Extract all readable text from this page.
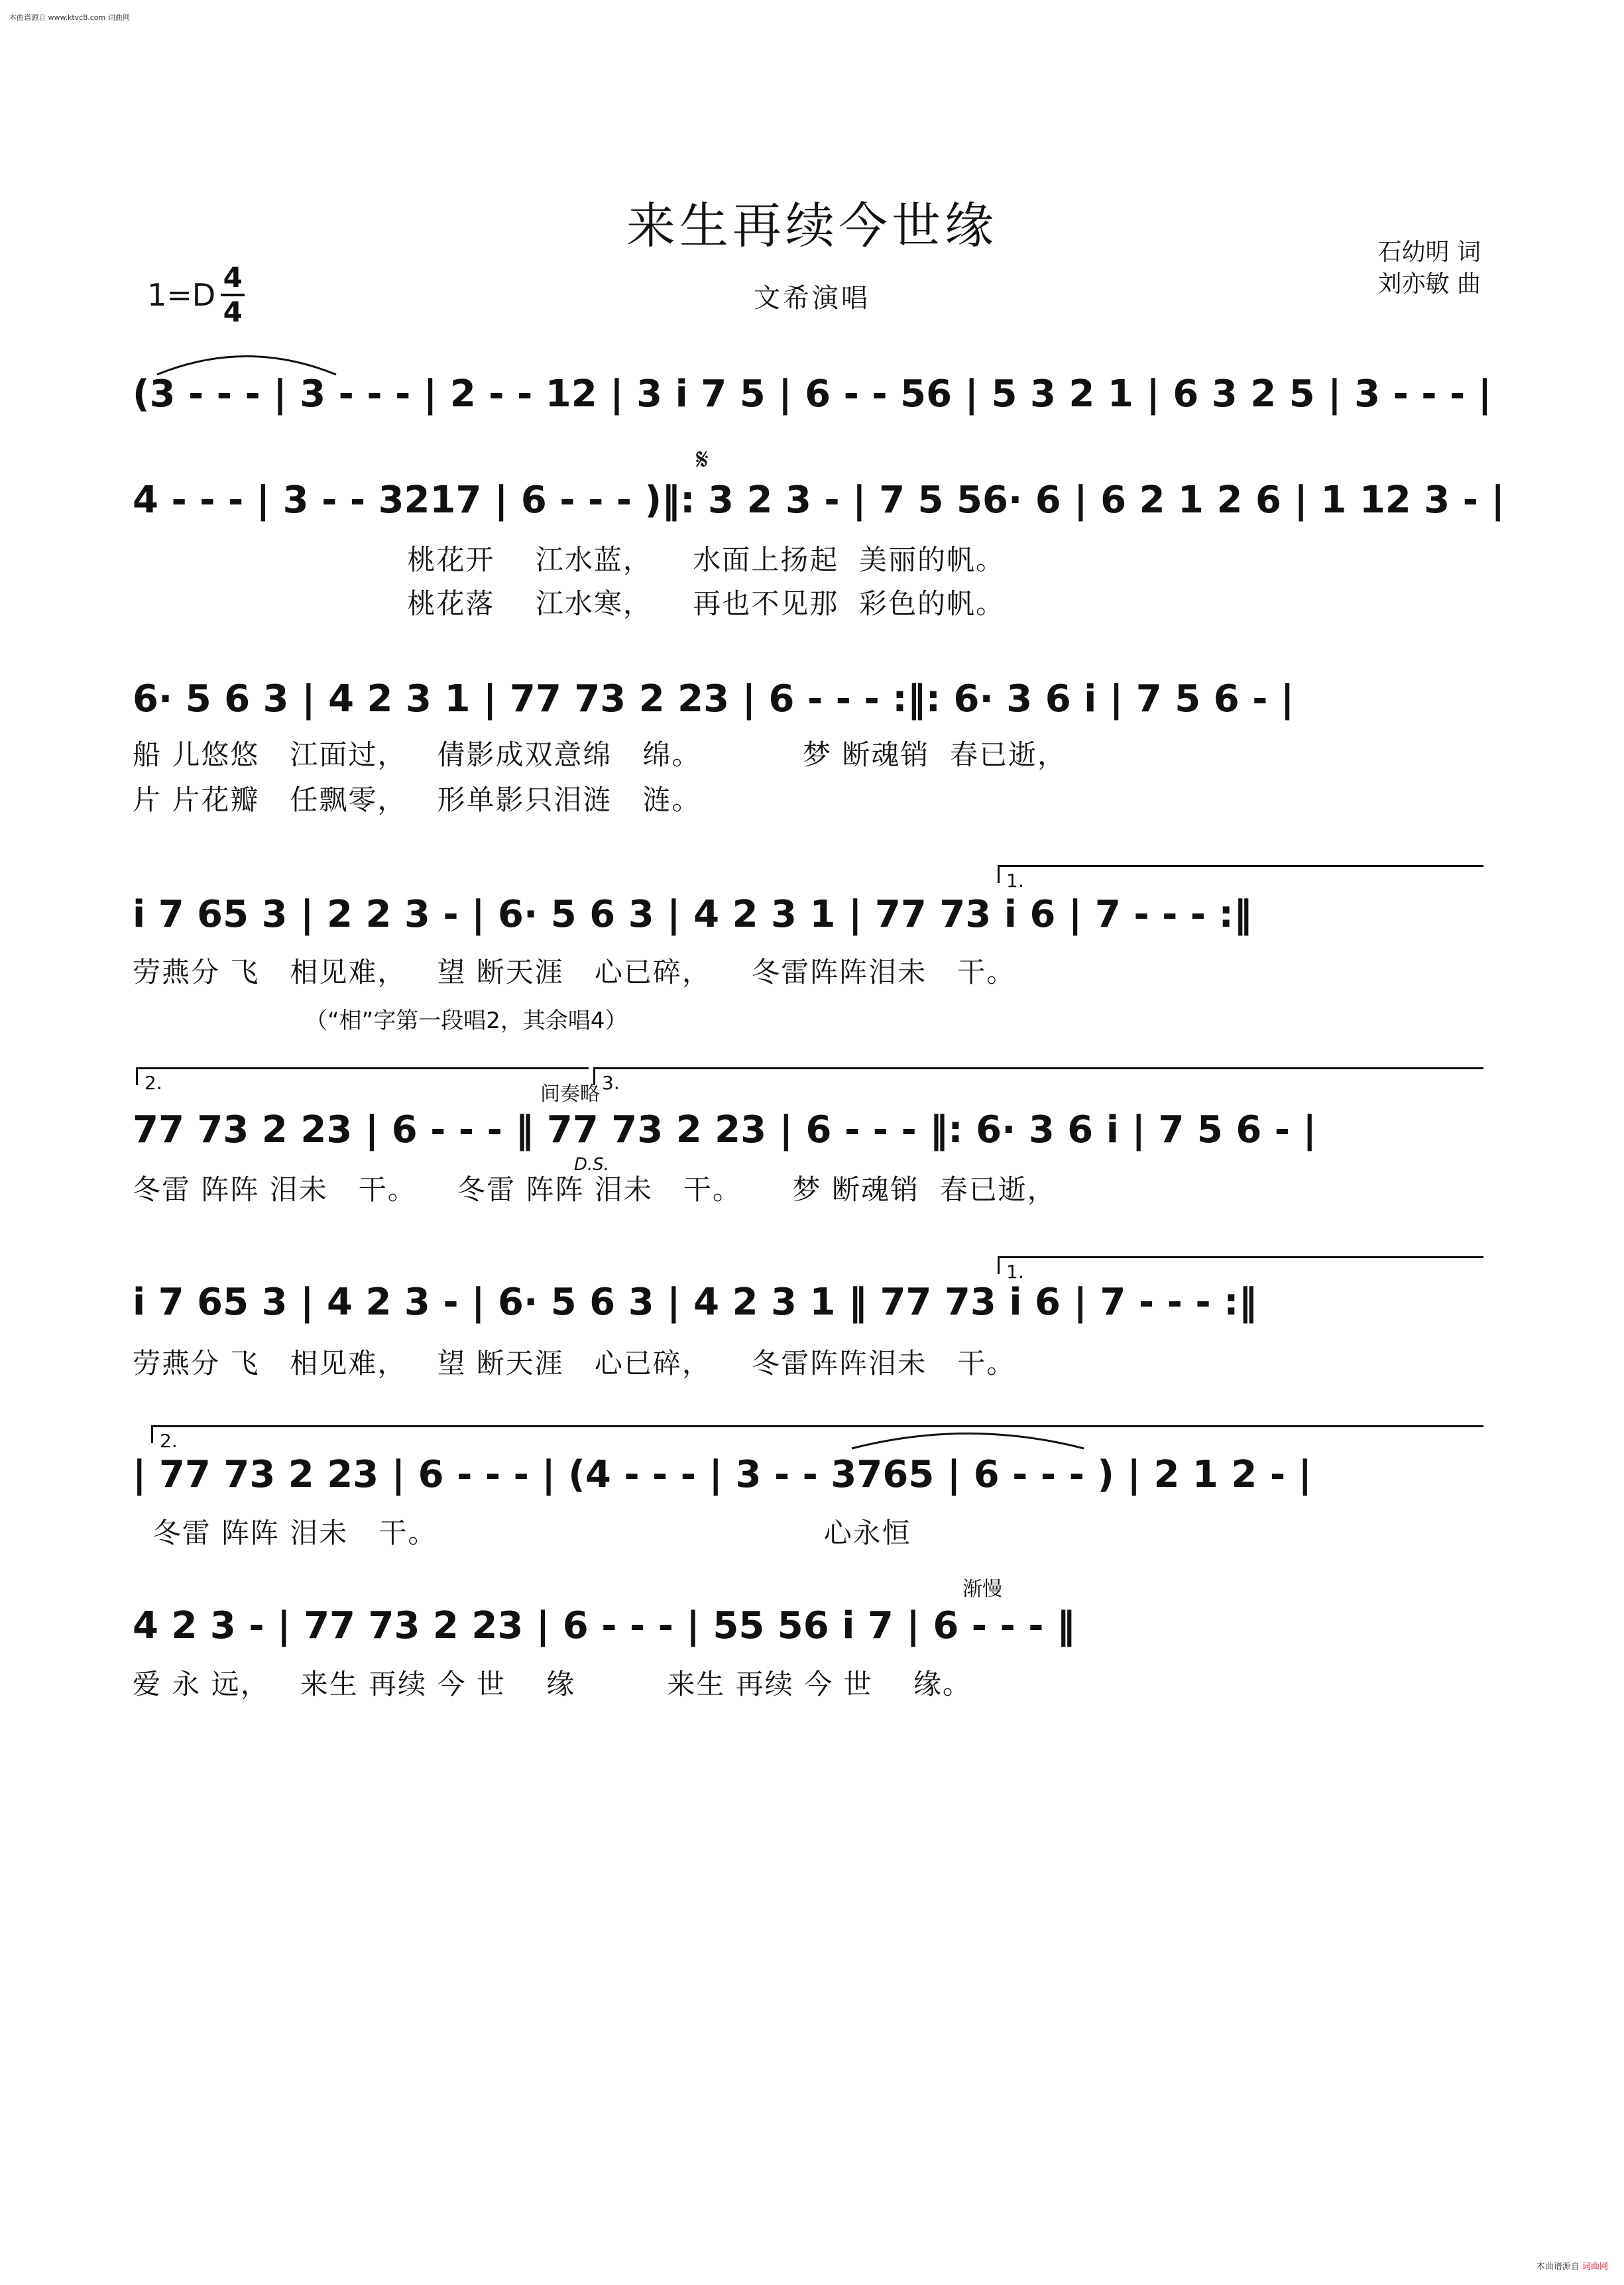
本曲谱源自 www.ktvc8.com 词曲网
来生再续今世缘
文希演唱
石幼明 词
刘亦敏 曲
$1=D \frac{4}{4}$
(3 - - - | 3 - - - | 2 - - 12 | 3 i 7 5 | 6 - - 56 | 5 3 2 1 | 6 3 2 5 | 3 - - - |
𝄋
4 - - - | 3 - - 3217 | 6 - - - )‖: 3 2 3 - | 7 5 56· 6 | 6 2 1 2 6 | 1 12 3 - |
桃花开    江水蓝，    水面上扬起  美丽的帆。
桃花落    江水寒，    再也不见那  彩色的帆。
6· 5 6 3 | 4 2 3 1 | 77 73 2 23 | 6 - - - :‖: 6· 3 6 i | 7 5 6 - |
船 儿悠悠   江面过，   倩影成双意绵   绵。          梦 断魂销  春已逝，
片 片花瓣   任飘零，   形单影只泪涟   涟。
1.
i 7 65 3 | 2 2 3 - | 6· 5 6 3 | 4 2 3 1 | 77 73 i 6 | 7 - - - :‖
劳燕分 飞   相见难，   望 断天涯   心已碎，    冬雷阵阵泪未   干。
（“相”字第一段唱2，其余唱4）
2.	3.
间奏略
77 73 2 23 | 6 - - - ‖ 77 73 2 23 | 6 - - - ‖: 6· 3 6 i | 7 5 6 - |
D.S.
冬雷 阵阵 泪未   干。    冬雷 阵阵 泪未   干。     梦 断魂销  春已逝，
1.
i 7 65 3 | 4 2 3 - | 6· 5 6 3 | 4 2 3 1 ‖ 77 73 i 6 | 7 - - - :‖
劳燕分 飞   相见难，   望 断天涯   心已碎，    冬雷阵阵泪未   干。
2.
| 77 73 2 23 | 6 - - - | (4 - - - | 3 - - 3765 | 6 - - - ) | 2 1 2 - |
冬雷 阵阵 泪未   干。                                      心永恒
渐慢
4 2 3 - | 77 73 2 23 | 6 - - - | 55 56 i 7 | 6 - - - ‖
爱 永 远，   来生 再续 今 世    缘         来生 再续 今 世    缘。
本曲谱源自 词曲网
